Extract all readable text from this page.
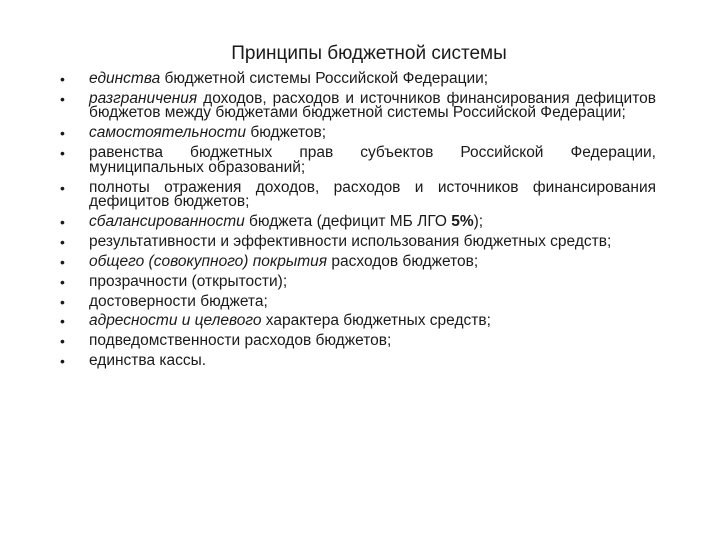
Принципы бюджетной системы
•	единства бюджетной системы Российской Федерации;
•	разграничения доходов, расходов и источников финансирования дефицитов бюджетов между бюджетами бюджетной системы Российской Федерации;
•	самостоятельности бюджетов;
•	равенства бюджетных прав субъектов Российской Федерации, муниципальных образований;
•	полноты отражения доходов, расходов и источников финансирования дефицитов бюджетов;
•	сбалансированности бюджета (дефицит МБ ЛГО 5%);
•	результативности и эффективности использования бюджетных средств;
•	общего (совокупного) покрытия расходов бюджетов;
•	прозрачности (открытости);
•	достоверности бюджета;
•	адресности и целевого характера бюджетных средств;
•	подведомственности расходов бюджетов;
•	единства кассы.
